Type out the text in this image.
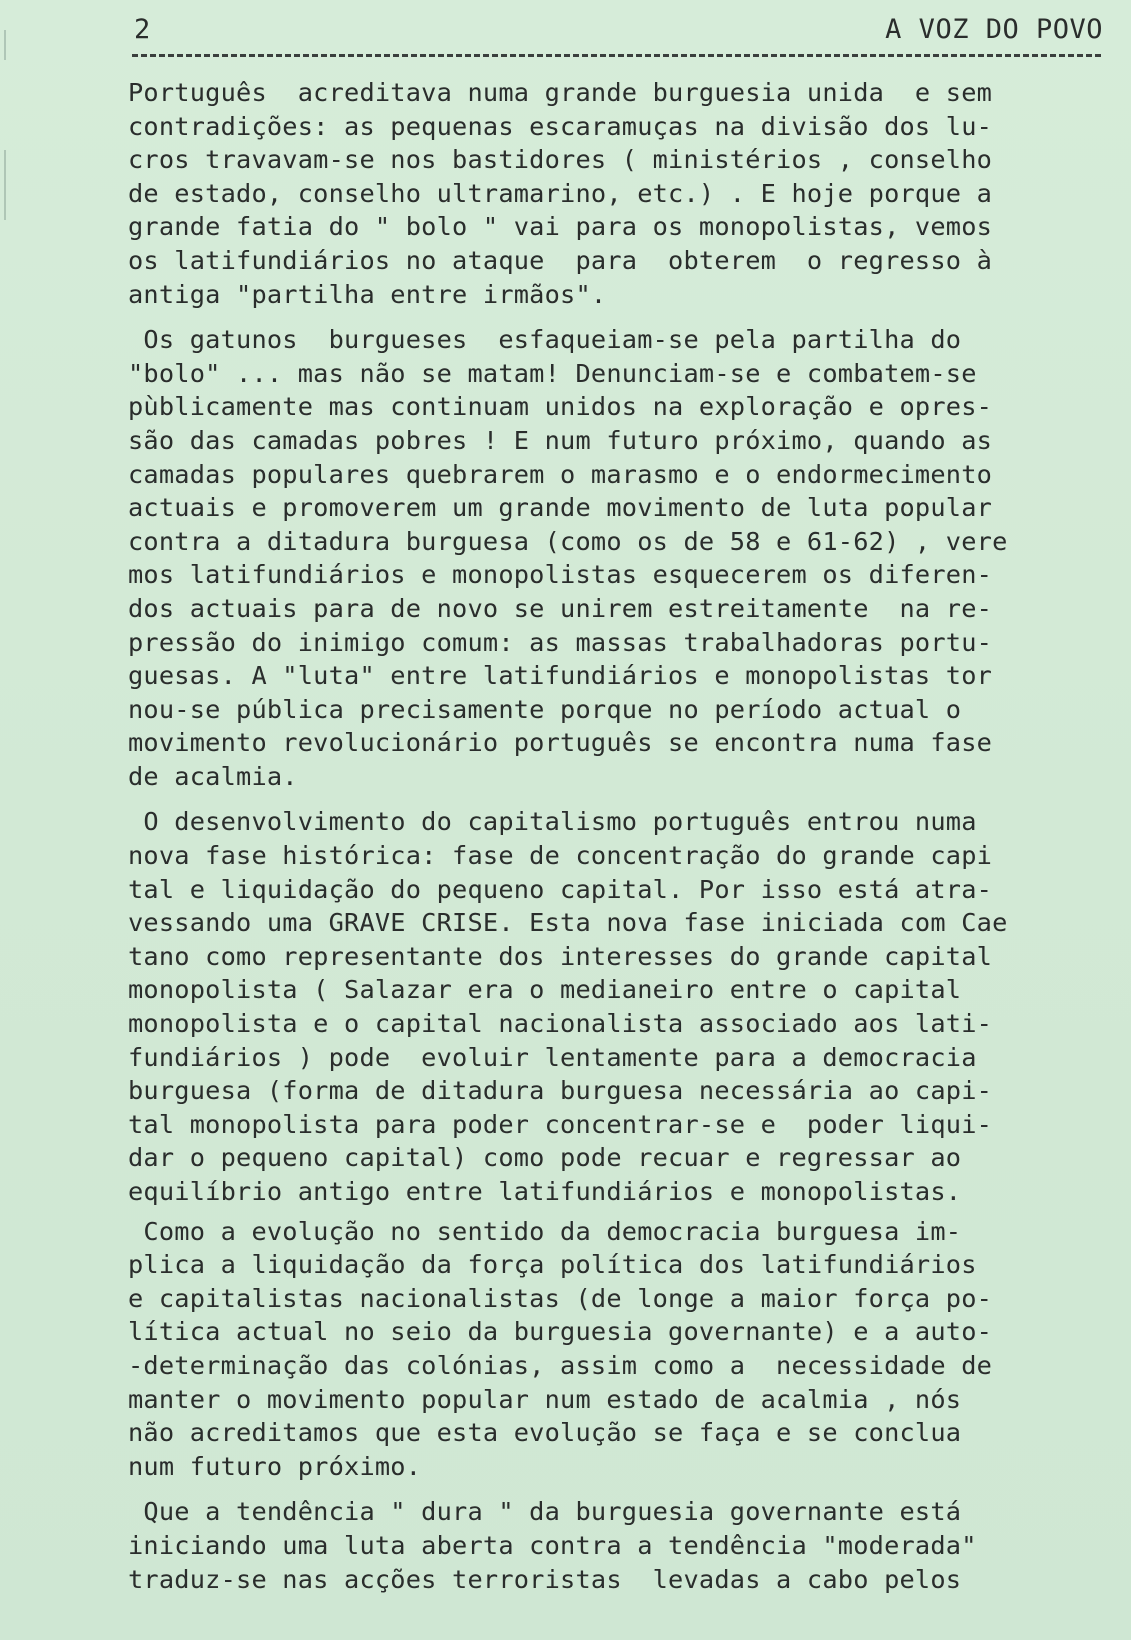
2	A VOZ DO POVO
Português  acreditava numa grande burguesia unida  e sem
contradições: as pequenas escaramuças na divisão dos lu-
cros travavam-se nos bastidores ( ministérios , conselho
de estado, conselho ultramarino, etc.) . E hoje porque a
grande fatia do " bolo " vai para os monopolistas, vemos
os latifundiários no ataque  para  obterem  o regresso à
antiga "partilha entre irmãos".
Os gatunos  burgueses  esfaqueiam-se pela partilha do
"bolo" ... mas não se matam! Denunciam-se e combatem-se
pùblicamente mas continuam unidos na exploração e opres-
são das camadas pobres ! E num futuro próximo, quando as
camadas populares quebrarem o marasmo e o endormecimento
actuais e promoverem um grande movimento de luta popular
contra a ditadura burguesa (como os de 58 e 61-62) , vere
mos latifundiários e monopolistas esquecerem os diferen-
dos actuais para de novo se unirem estreitamente  na re-
pressão do inimigo comum: as massas trabalhadoras portu-
guesas. A "luta" entre latifundiários e monopolistas tor
nou-se pública precisamente porque no período actual o
movimento revolucionário português se encontra numa fase
de acalmia.
O desenvolvimento do capitalismo português entrou numa
nova fase histórica: fase de concentração do grande capi
tal e liquidação do pequeno capital. Por isso está atra-
vessando uma GRAVE CRISE. Esta nova fase iniciada com Cae
tano como representante dos interesses do grande capital
monopolista ( Salazar era o medianeiro entre o capital
monopolista e o capital nacionalista associado aos lati-
fundiários ) pode  evoluir lentamente para a democracia
burguesa (forma de ditadura burguesa necessária ao capi-
tal monopolista para poder concentrar-se e  poder liqui-
dar o pequeno capital) como pode recuar e regressar ao
equilíbrio antigo entre latifundiários e monopolistas.
Como a evolução no sentido da democracia burguesa im-
plica a liquidação da força política dos latifundiários
e capitalistas nacionalistas (de longe a maior força po-
lítica actual no seio da burguesia governante) e a auto-
-determinação das colónias, assim como a  necessidade de
manter o movimento popular num estado de acalmia , nós
não acreditamos que esta evolução se faça e se conclua
num futuro próximo.
Que a tendência " dura " da burguesia governante está
iniciando uma luta aberta contra a tendência "moderada"
traduz-se nas acções terroristas  levadas a cabo pelos
